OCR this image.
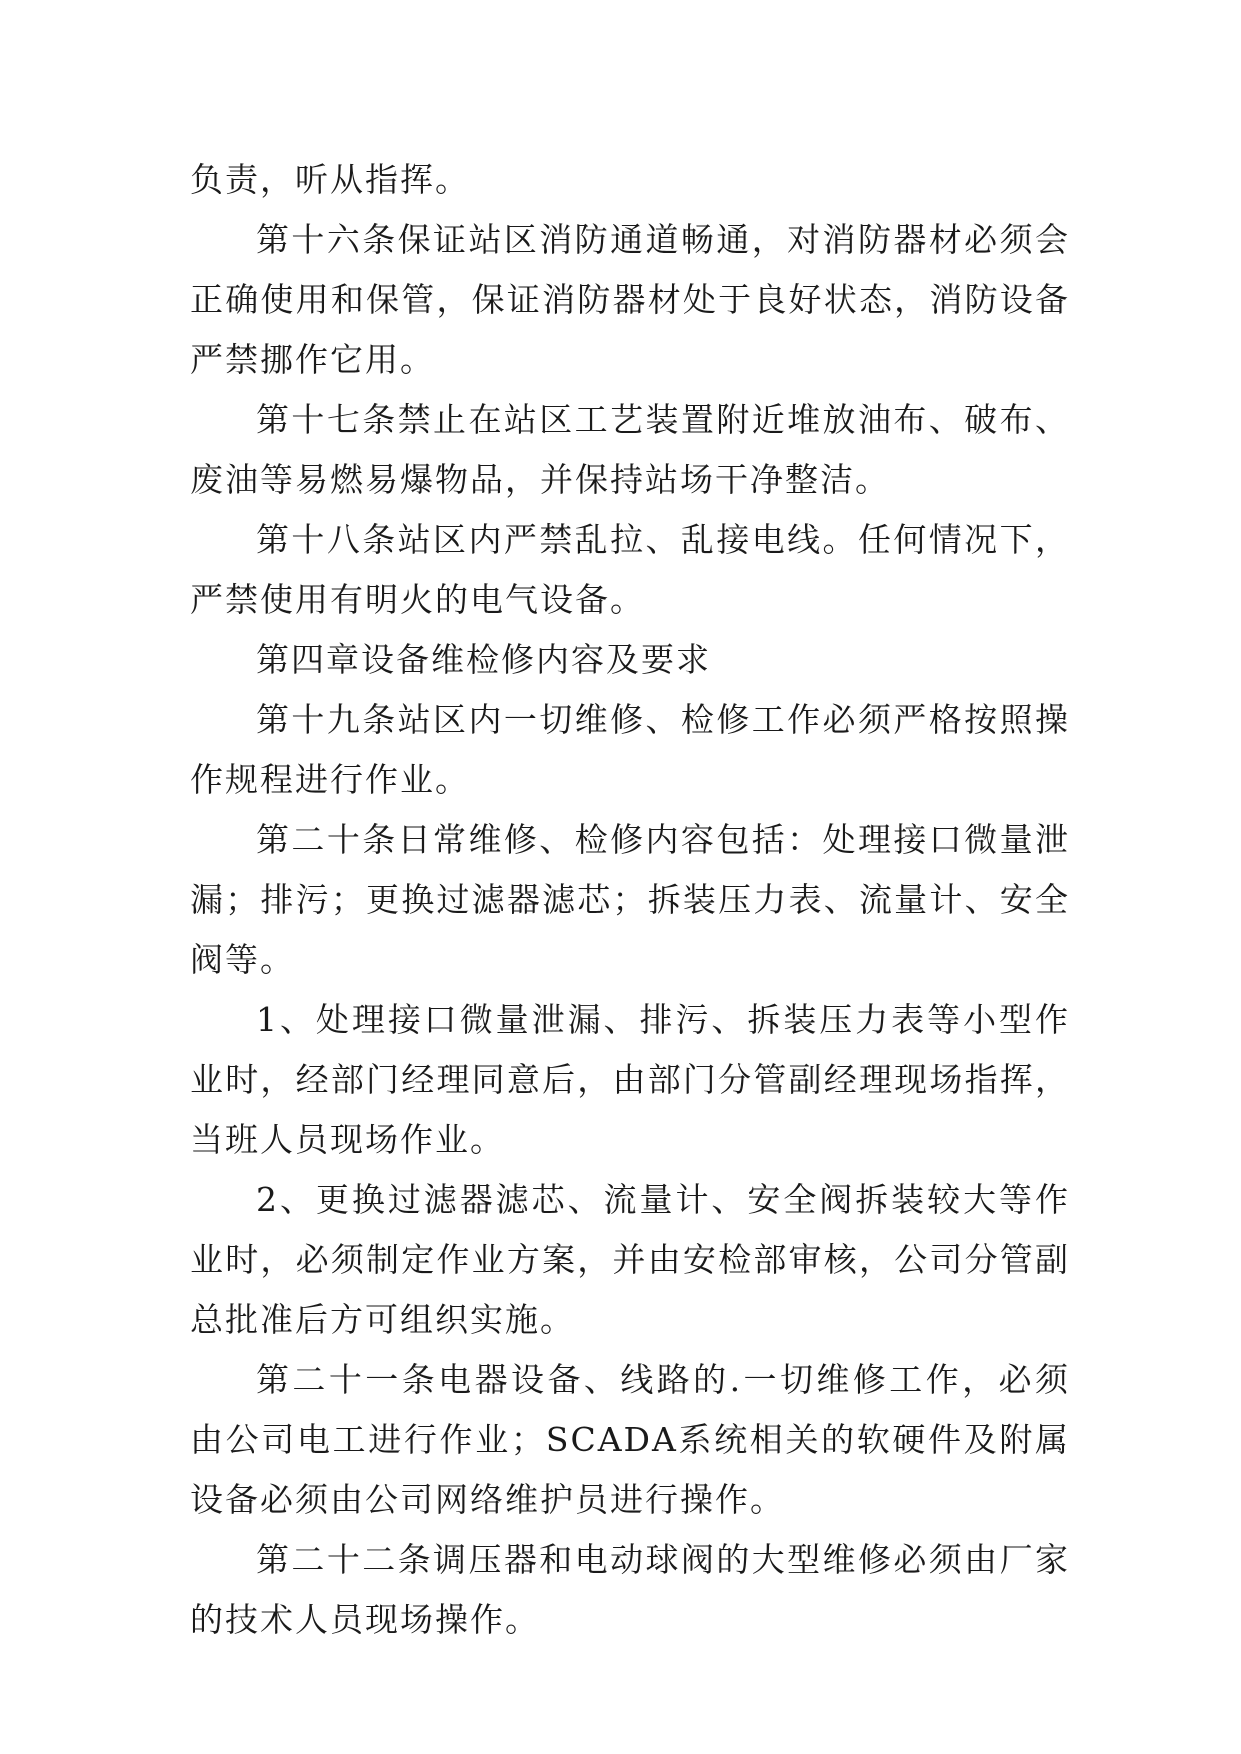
负责，听从指挥。

第十六条保证站区消防通道畅通，对消防器材必须会正确使用和保管，保证消防器材处于良好状态，消防设备严禁挪作它用。

第十七条禁止在站区工艺装置附近堆放油布、破布、废油等易燃易爆物品，并保持站场干净整洁。

第十八条站区内严禁乱拉、乱接电线。任何情况下，严禁使用有明火的电气设备。

第四章设备维检修内容及要求

第十九条站区内一切维修、检修工作必须严格按照操作规程进行作业。

第二十条日常维修、检修内容包括：处理接口微量泄漏；排污；更换过滤器滤芯；拆装压力表、流量计、安全阀等。

1、处理接口微量泄漏、排污、拆装压力表等小型作业时，经部门经理同意后，由部门分管副经理现场指挥，当班人员现场作业。

2、更换过滤器滤芯、流量计、安全阀拆装较大等作业时，必须制定作业方案，并由安检部审核，公司分管副总批准后方可组织实施。

第二十一条电器设备、线路的.一切维修工作，必须由公司电工进行作业；SCADA系统相关的软硬件及附属设备必须由公司网络维护员进行操作。

第二十二条调压器和电动球阀的大型维修必须由厂家的技术人员现场操作。
